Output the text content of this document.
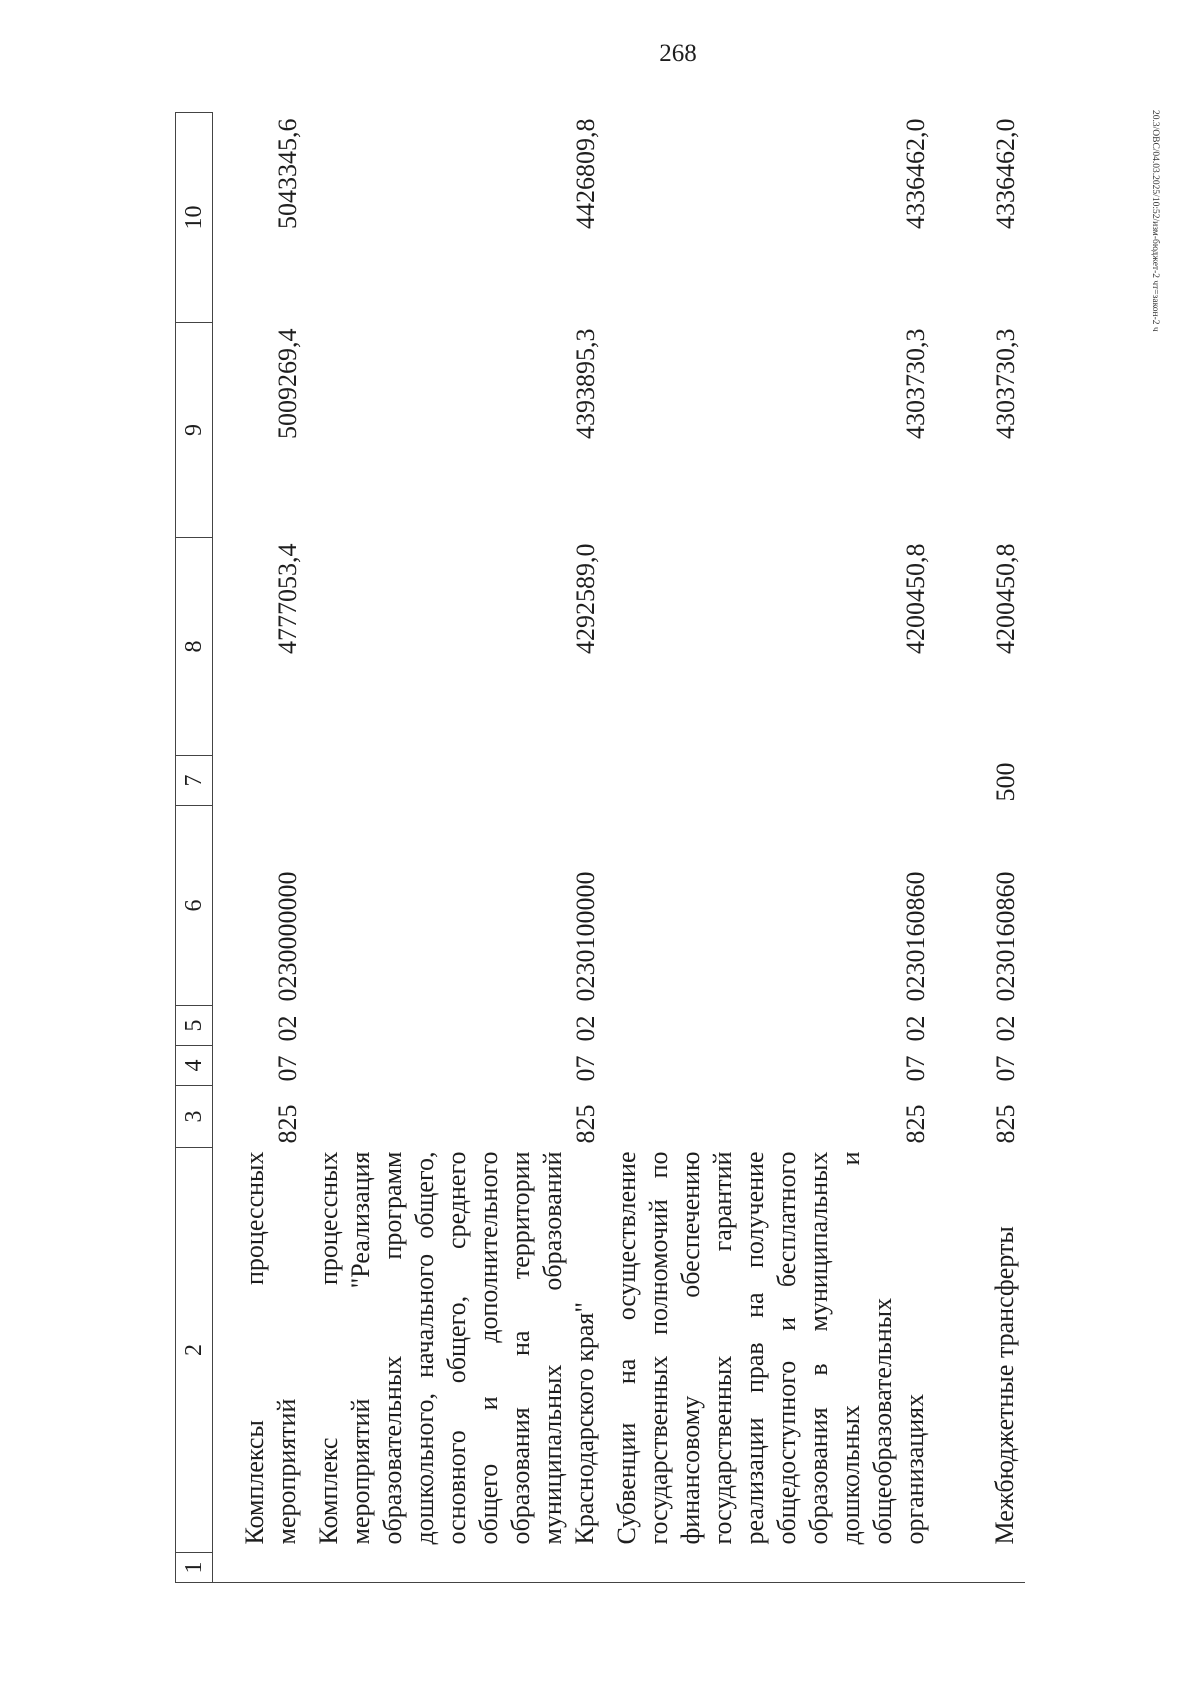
268
20.3/ОВС/04.03.2025/10:52/изм-бюджет-2 чт=закон-2 ч
1	2	3	4	5	6	7	8	9	10
	Комплексы процессных мероприятий	825	07	02	0230000000		4777053,4	5009269,4	5043345,6
	Комплекс процессных мероприятий "Реализация образовательных программ дошкольного, начального общего, основного общего, среднего общего и дополнительного образования на территории муниципальных образований Краснодарского края"	825	07	02	0230100000		4292589,0	4393895,3	4426809,8
	Субвенции на осуществление государственных полномочий по финансовому обеспечению государственных гарантий реализации прав на получение общедоступного и бесплатного образования в муниципальных дошкольных и общеобразовательных организациях	825	07	02	0230160860		4200450,8	4303730,3	4336462,0
	Межбюджетные трансферты	825	07	02	0230160860	500	4200450,8	4303730,3	4336462,0
